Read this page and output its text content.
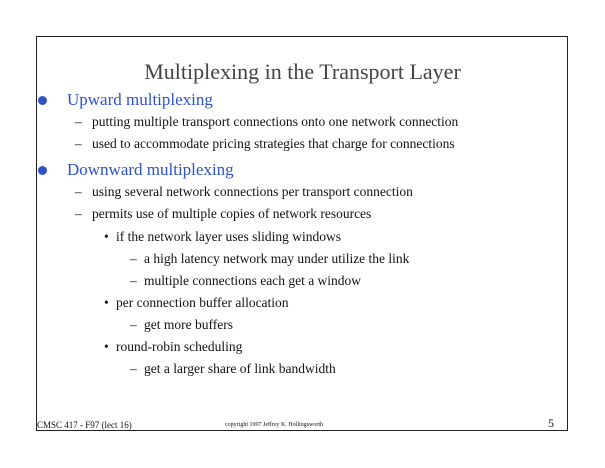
Multiplexing in the Transport Layer
Upward multiplexing
– putting multiple transport connections onto one network connection
– used to accommodate pricing strategies that charge for connections
Downward multiplexing
– using several network connections per transport connection
– permits use of multiple copies of network resources
• if the network layer uses sliding windows
– a high latency network may under utilize the link
– multiple connections each get a window
• per connection buffer allocation
– get more buffers
• round-robin scheduling
– get a larger share of link bandwidth
CMSC 417 - F97 (lect 16)	copyright 1997 Jeffrey K. Hollingsworth	5
